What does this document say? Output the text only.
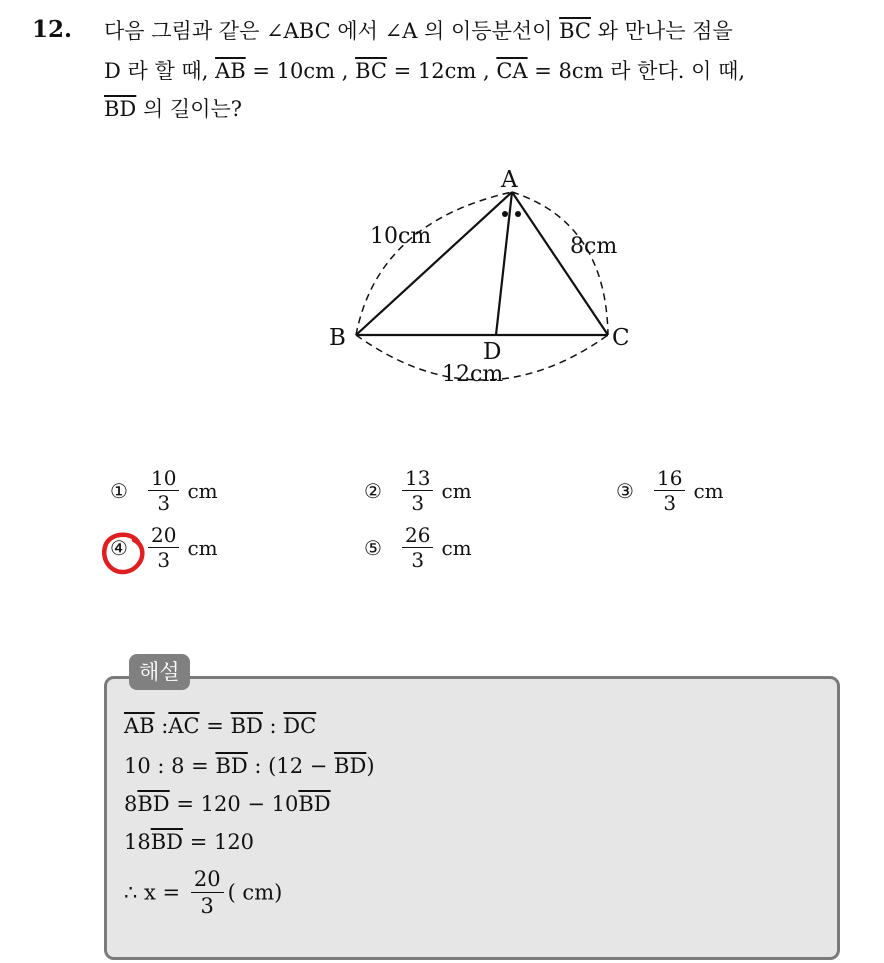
12. 다음 그림과 같은 ∠ABC 에서 ∠A 의 이등분선이 $\overline{BC}$ 와 만나는 점을
D 라 할 때, $\overline{AB} = 10cm$ , $\overline{BC} = 12cm$ , $\overline{CA} = 8cm$ 라 한다. 이 때,
$\overline{BD}$ 의 길이는?
A
B	C
D
10cm	8cm
12cm
①	$\frac{10}{3}$ cm	②	$\frac{13}{3}$ cm	③	$\frac{16}{3}$ cm
④	$\frac{20}{3}$ cm	⑤	$\frac{26}{3}$ cm
해설
$\overline{AB}$ $:\overline{AC} = \overline{BD}$ : $\overline{DC}$
10 : $8 = \overline{BD}$ : $(12 - \overline{BD})$
$8\overline{BD} = 120 - 10\overline{BD}$
$18\overline{BD} = 120$
∴ $x = \frac{20}{3}$ ( cm)
